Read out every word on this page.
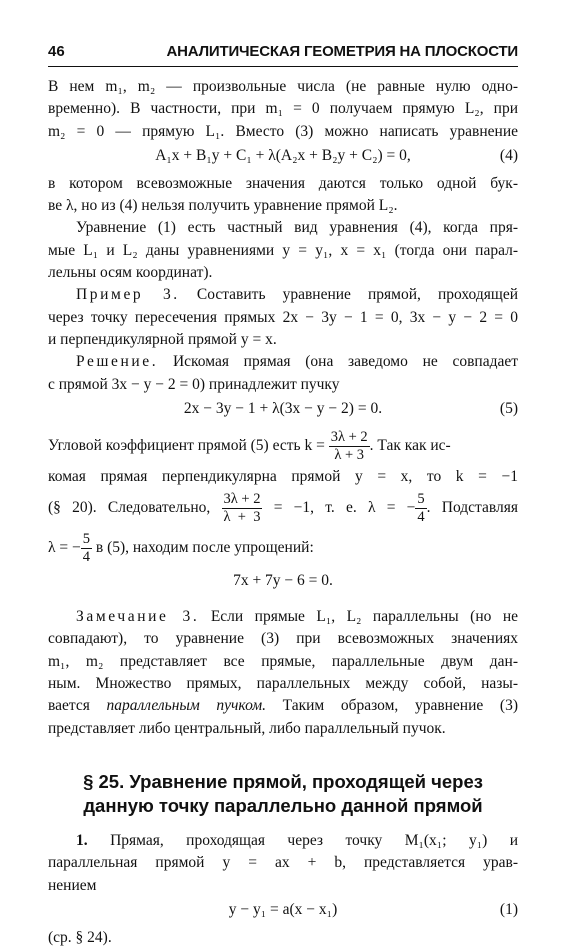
46	АНАЛИТИЧЕСКАЯ ГЕОМЕТРИЯ НА ПЛОСКОСТИ

В нем m₁, m₂ — произвольные числа (не равные нулю одно-

временно). В частности, при m₁ = 0 получаем прямую L₂, при

m₂ = 0 — прямую L₁. Вместо (3) можно написать уравнение

A₁x + B₁y + C₁ + λ(A₂x + B₂y + C₂) = 0,	(4)

в котором всевозможные значения даются только одной бук-

ве λ, но из (4) нельзя получить уравнение прямой L₂.

Уравнение (1) есть частный вид уравнения (4), когда пря-

мые L₁ и L₂ даны уравнениями y = y₁, x = x₁ (тогда они парал-

лельны осям координат).

Пример 3. Составить уравнение прямой, проходящей

через точку пересечения прямых 2x − 3y − 1 = 0, 3x − y − 2 = 0

и перпендикулярной прямой y = x.

Решение. Искомая прямая (она заведомо не совпадает

с прямой 3x − y − 2 = 0) принадлежит пучку

2x − 3y − 1 + λ(3x − y − 2) = 0.	(5)
Угловой коэффициент прямой (5) есть $k = \frac{3\lambda + 2}{\lambda + 3}$ . Так как ис-

комая прямая перпендикулярна прямой y = x, то k = −1

(§ 20). Следовательно, $\frac{3\lambda + 2}{\lambda + 3} = -1$, т. е. λ = − $\frac{5}{4}$ . Подставляя
λ = − $\frac{5}{4}$ в (5), находим после упрощений:
7x + 7y − 6 = 0.

Замечание 3. Если прямые L₁, L₂ параллельны (но не

совпадают), то уравнение (3) при всевозможных значениях

m₁, m₂ представляет все прямые, параллельные двум дан-

ным. Множество прямых, параллельных между собой, назы-

вается параллельным пучком. Таким образом, уравнение (3)

представляет либо центральный, либо параллельный пучок.

§ 25. Уравнение прямой, проходящей через
данную точку параллельно данной прямой

1. Прямая, проходящая через точку M₁(x₁; y₁) и

параллельная прямой y = ax + b, представляется урав-

нением

y − y₁ = a(x − x₁)	(1)

(ср. § 24).
